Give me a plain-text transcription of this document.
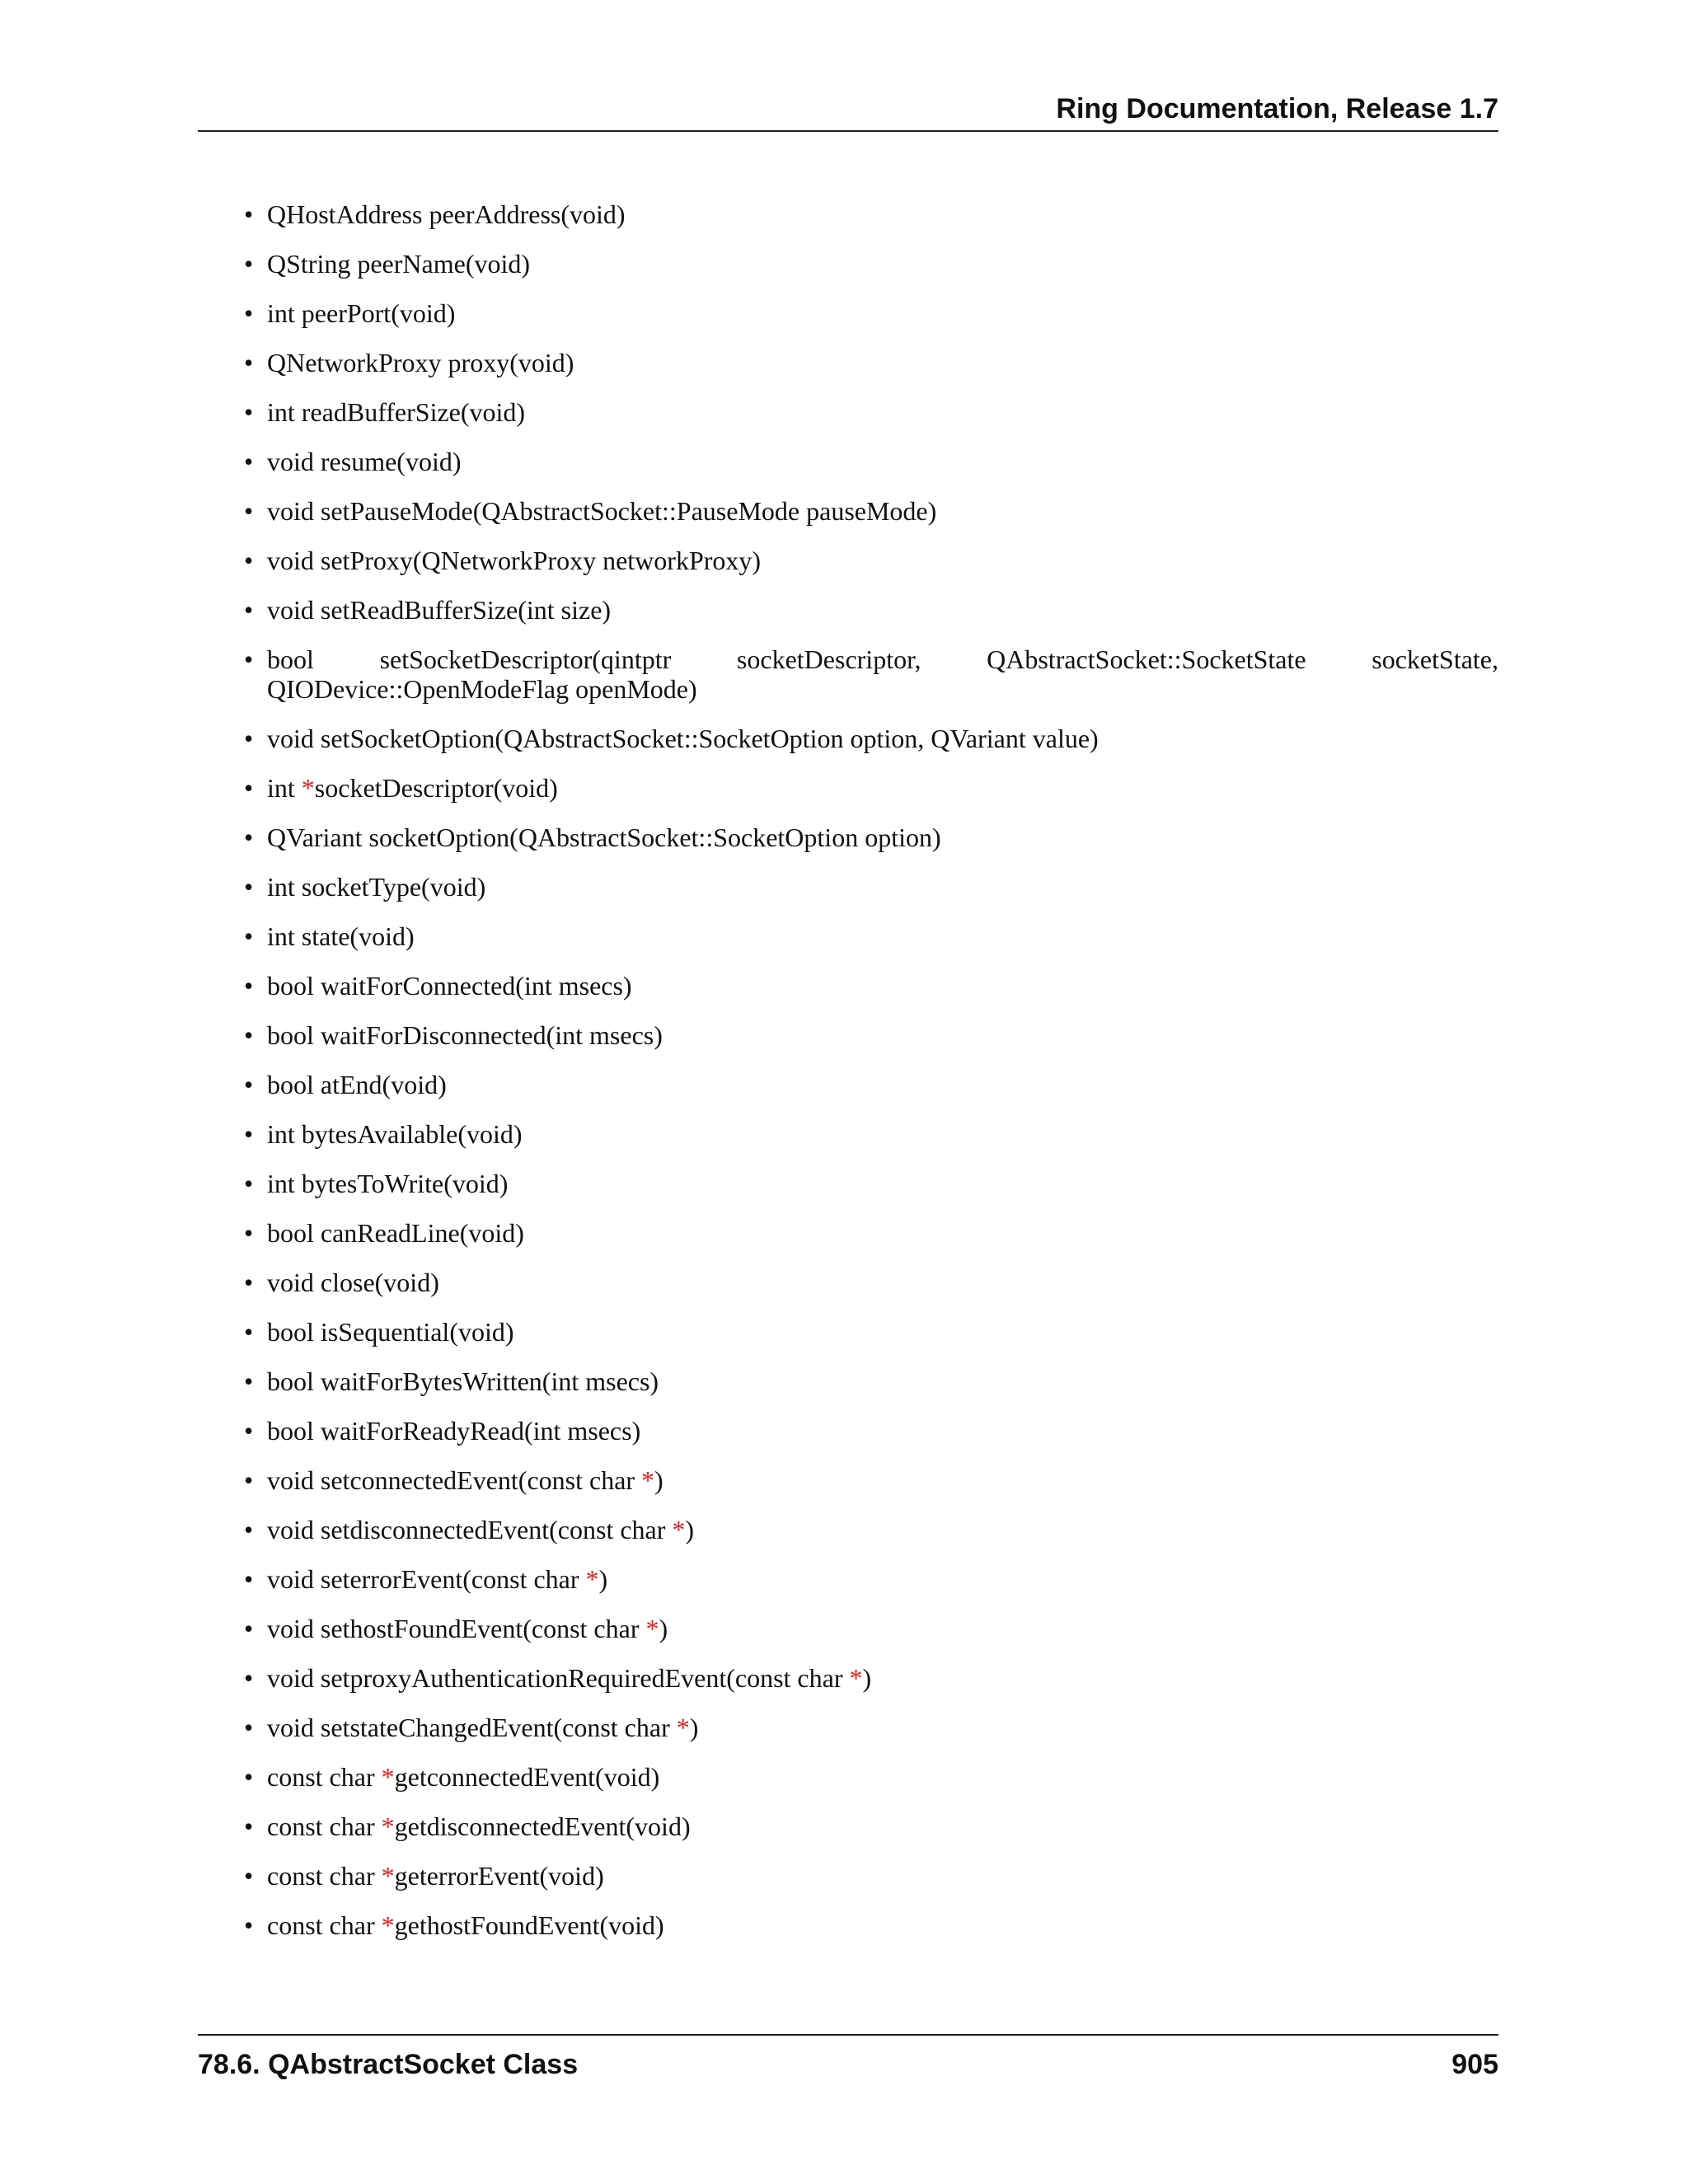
Ring Documentation, Release 1.7
• QHostAddress peerAddress(void)
• QString peerName(void)
• int peerPort(void)
• QNetworkProxy proxy(void)
• int readBufferSize(void)
• void resume(void)
• void setPauseMode(QAbstractSocket::PauseMode pauseMode)
• void setProxy(QNetworkProxy networkProxy)
• void setReadBufferSize(int size)
• bool setSocketDescriptor(qintptr socketDescriptor, QAbstractSocket::SocketState socketState, QIODevice::OpenModeFlag openMode)
• void setSocketOption(QAbstractSocket::SocketOption option, QVariant value)
• int *socketDescriptor(void)
• QVariant socketOption(QAbstractSocket::SocketOption option)
• int socketType(void)
• int state(void)
• bool waitForConnected(int msecs)
• bool waitForDisconnected(int msecs)
• bool atEnd(void)
• int bytesAvailable(void)
• int bytesToWrite(void)
• bool canReadLine(void)
• void close(void)
• bool isSequential(void)
• bool waitForBytesWritten(int msecs)
• bool waitForReadyRead(int msecs)
• void setconnectedEvent(const char *)
• void setdisconnectedEvent(const char *)
• void seterrorEvent(const char *)
• void sethostFoundEvent(const char *)
• void setproxyAuthenticationRequiredEvent(const char *)
• void setstateChangedEvent(const char *)
• const char *getconnectedEvent(void)
• const char *getdisconnectedEvent(void)
• const char *geterrorEvent(void)
• const char *gethostFoundEvent(void)
78.6. QAbstractSocket Class	905
